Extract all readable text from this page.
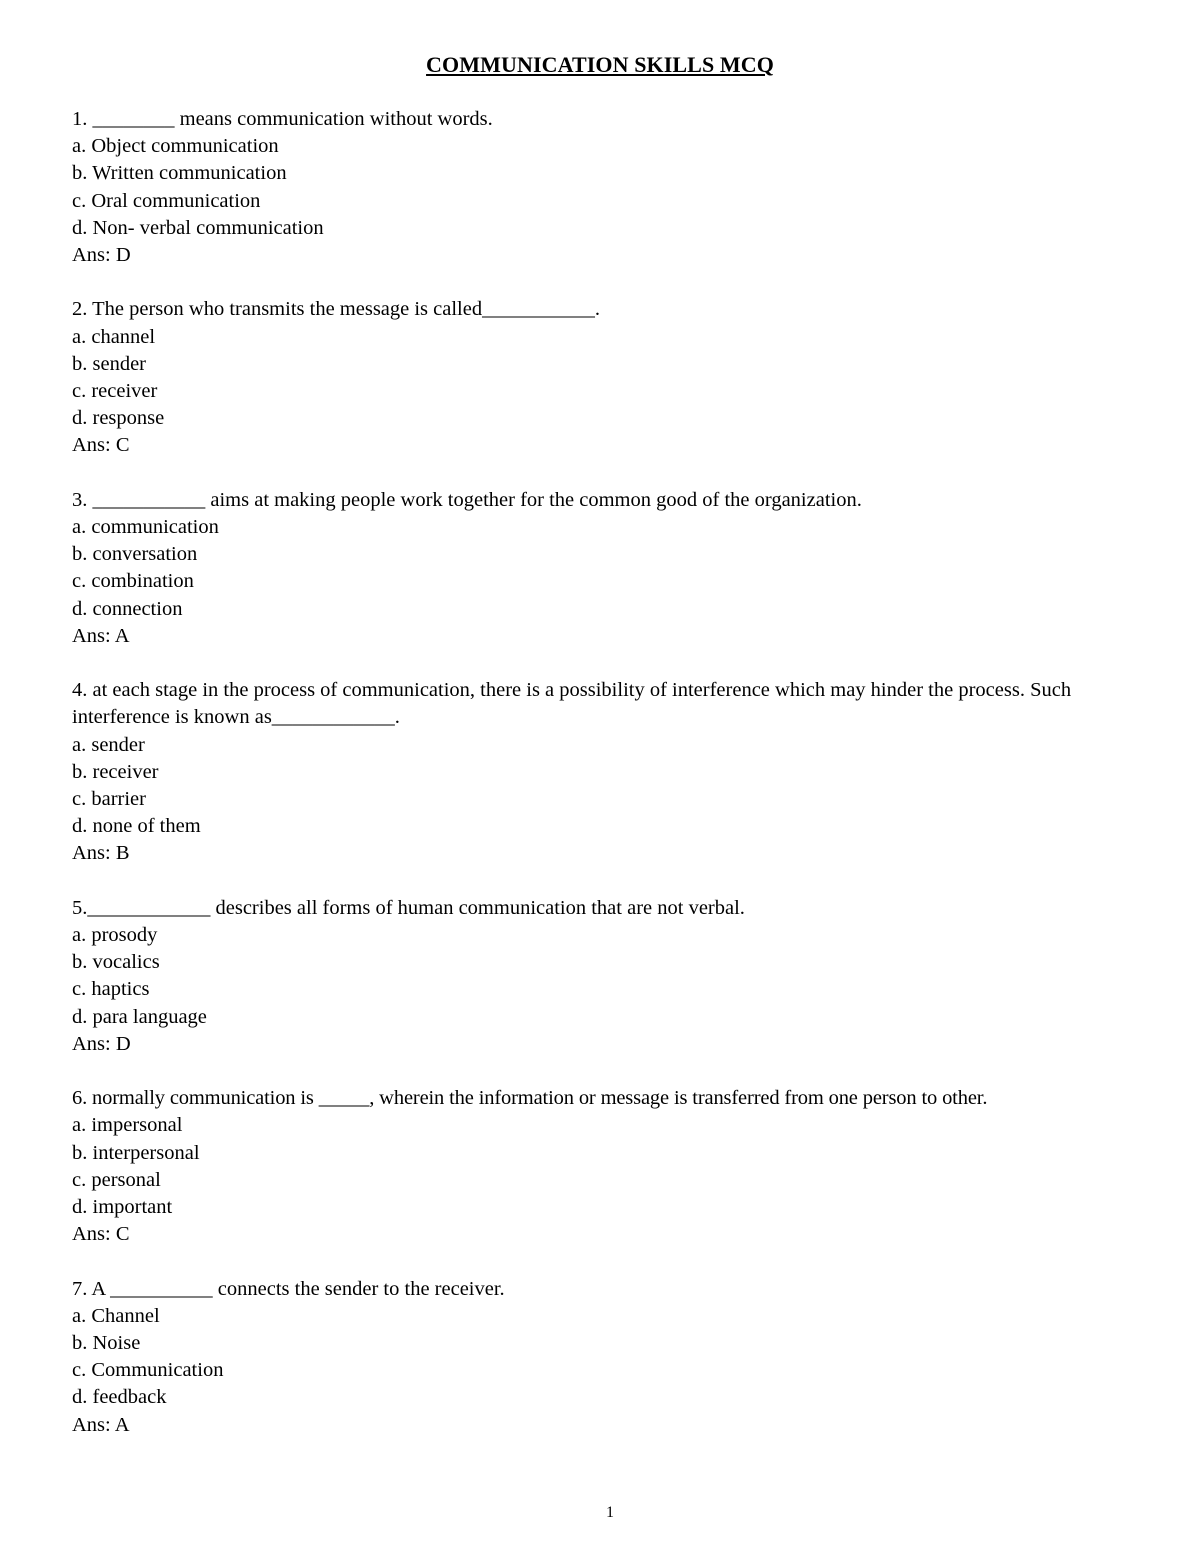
COMMUNICATION SKILLS MCQ
1. ________ means communication without words.
a. Object communication
b. Written communication
c. Oral communication
d. Non- verbal communication
Ans: D
2. The person who transmits the message is called___________.
a. channel
b. sender
c. receiver
d. response
Ans: C
3. ___________ aims at making people work together for the common good of the organization.
a. communication
b. conversation
c. combination
d. connection
Ans: A
4. at each stage in the process of communication, there is a possibility of interference which may hinder the process. Such interference is known as____________.
a. sender
b. receiver
c. barrier
d. none of them
Ans: B
5.____________ describes all forms of human communication that are not verbal.
a. prosody
b. vocalics
c. haptics
d. para language
Ans: D
6. normally communication is _____, wherein the information or message is transferred from one person to other.
a. impersonal
b. interpersonal
c. personal
d. important
Ans: C
7. A __________ connects the sender to the receiver.
a. Channel
b. Noise
c. Communication
d. feedback
Ans: A
1
